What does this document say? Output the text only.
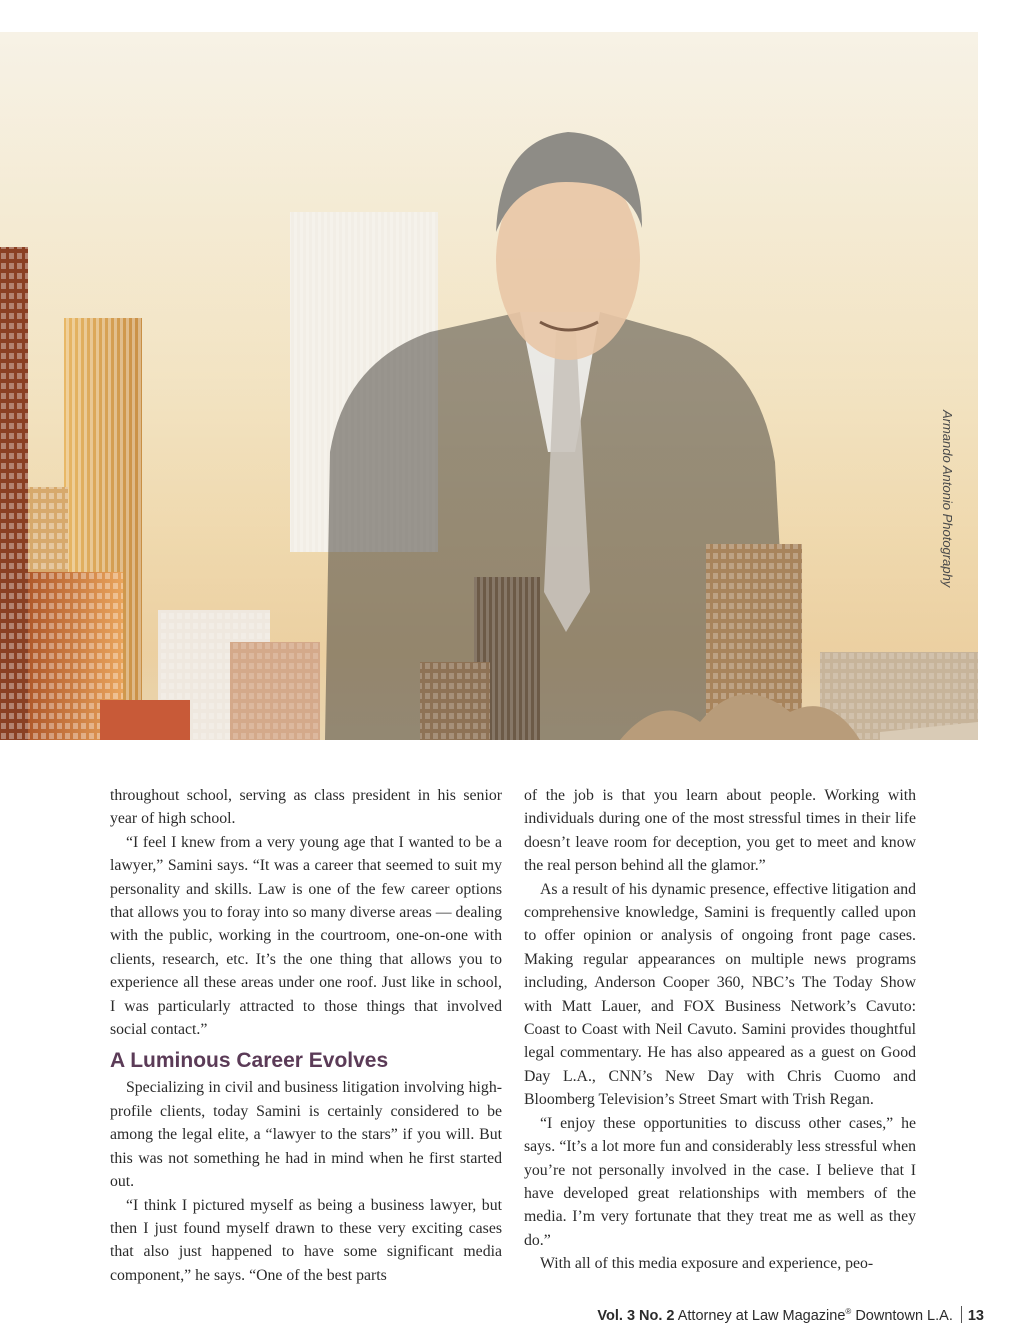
Armando Antonio Photography

throughout school, serving as class president in his senior year of high school.

“I feel I knew from a very young age that I wanted to be a lawyer,” Samini says. “It was a career that seemed to suit my personality and skills. Law is one of the few career options that allows you to foray into so many diverse areas — dealing with the public, working in the courtroom, one-on-one with clients, research, etc. It’s the one thing that allows you to experience all these areas under one roof. Just like in school, I was particularly attracted to those things that involved social contact.”

A Luminous Career Evolves

Specializing in civil and business litigation involving high-profile clients, today Samini is certainly considered to be among the legal elite, a “lawyer to the stars” if you will. But this was not something he had in mind when he first started out.

“I think I pictured myself as being a business lawyer, but then I just found myself drawn to these very exciting cases that also just happened to have some significant media component,” he says. “One of the best parts

of the job is that you learn about people. Working with individuals during one of the most stressful times in their life doesn’t leave room for deception, you get to meet and know the real person behind all the glamor.”

As a result of his dynamic presence, effective litigation and comprehensive knowledge, Samini is frequently called upon to offer opinion or analysis of ongoing front page cases. Making regular appearances on multiple news programs including, Anderson Cooper 360, NBC’s The Today Show with Matt Lauer, and FOX Business Network’s Cavuto: Coast to Coast with Neil Cavuto. Samini provides thoughtful legal commentary. He has also appeared as a guest on Good Day L.A., CNN’s New Day with Chris Cuomo and Bloomberg Television’s Street Smart with Trish Regan.

“I enjoy these opportunities to discuss other cases,” he says. “It’s a lot more fun and considerably less stressful when you’re not personally involved in the case. I believe that I have developed great relationships with members of the media. I’m very fortunate that they treat me as well as they do.”

With all of this media exposure and experience, peo-

Vol. 3 No. 2 Attorney at Law Magazine® Downtown L.A. 13
